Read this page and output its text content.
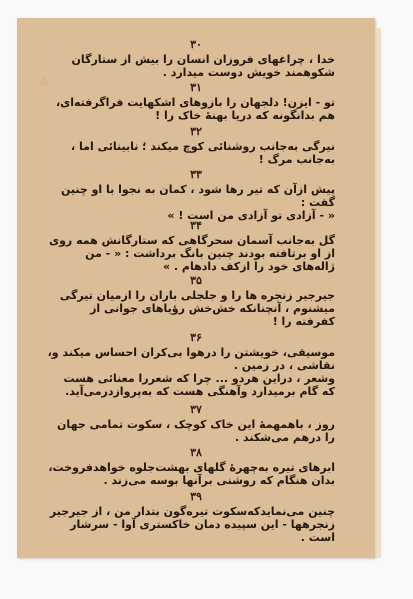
⁂
۳۰
خدا ، چراغهای فروزان انسان را بیش از ستارگان
شکوهمند خویش دوست میدارد .
۳۱
تو - ایزن! دلجهان را بازوهای اشکهایت فراگرفته‌ای،
هم بدانگونه که دریا بهنهٔ خاک را !
۳۲
نیرگی به‌جانب روشنائی کوچ میکند ؛ نابینائی اما ،
به‌جانب مرگ !
۳۳
پیش ازآن که تیر رها شود ، کمان به نجوا با او چنین
گفت :
« - آزادی تو آزادی من است ! »
۳۴
گل به‌جانب آسمان سحرگاهی که ستارگانش همه روی
از او برتافته بودند چنین بانگ برداشت : « - من
ژاله‌های خود را ازکف دادهام . »
۳۵
جیرجیر زنجره ها را و جلجلی باران را ازمیان تیرگی
میشنوم ، آنچنانکه خش‌خش رؤیاهای جوانی از
کفرفته را !
۳۶
موسیقی، خویشتن را درهوا بی‌کران احساس میکند و،
نقاشی ، در زمین .
وشعر ، دراین هردو ... چرا که شعررا معنائی هست
که گام برمیدارد وآهنگی هست که به‌پروازدرمی‌آید.
۳۷
روز ، باهمهمهٔ این خاک کوچک ، سکوت تمامی جهان
را درهم می‌شکند .
۳۸
ابرهای تیره به‌چهرهٔ گلهای بهشت‌جلوه خواهدفروخت،
بدان هنگام که روشنی برآنها بوسه می‌زند .
۳۹
چنین می‌نمایدکه‌سکوت تیره‌گون بتدار من ، از جیرجیر
زنجرهها - این سپیده دمان خاکستری آوا - سرشار
است .
